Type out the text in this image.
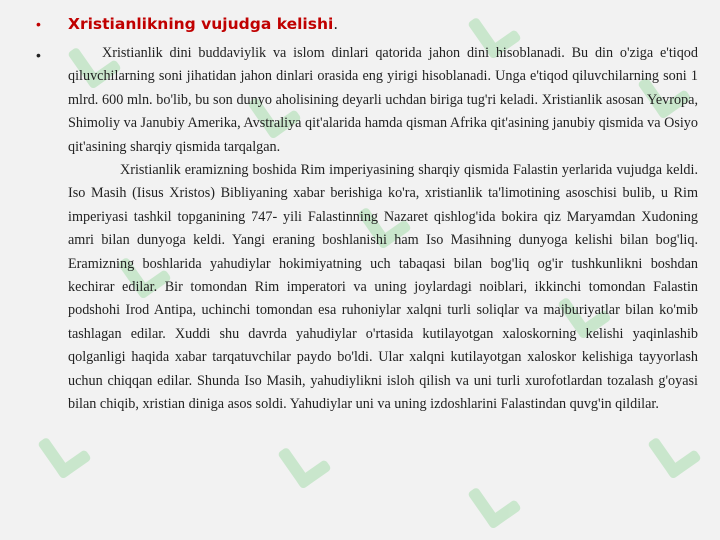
• Xristianlikning vujudga kelishi.
•	Xristianlik dini buddaviylik va islom dinlari qatorida jahon dini hisoblanadi. Bu din o'ziga e'tiqod qiluvchilarning soni jihatidan jahon dinlari orasida eng yirigi hisoblanadi. Unga e'tiqod qiluvchilarning soni 1 mlrd. 600 mln. bo'lib, bu son dunyo aholisining deyarli uchdan biriga tug'ri keladi. Xristianlik asosan Yevropa, Shimoliy va Janubiy Amerika, Avstraliya qit'alarida hamda qisman Afrika qit'asining janubiy qismida va Osiyo qit'asining sharqiy qismida tarqalgan.

Xristianlik eramizning boshida Rim imperiyasining sharqiy qismida Falastin yerlarida vujudga keldi. Iso Masih (Iisus Xristos) Bibliyaning xabar berishiga ko'ra, xristianlik ta'limotining asoschisi bulib, u Rim imperiyasi tashkil topganining 747- yili Falastinning Nazaret qishlog'ida bokira qiz Maryamdan Xudoning amri bilan dunyoga keldi. Yangi eraning boshlanishi ham Iso Masihning dunyoga kelishi bilan bog'liq. Eramizning boshlarida yahudiylar hokimiyatning uch tabaqasi bilan bog'liq og'ir tushkunlikni boshdan kechirar edilar. Bir tomondan Rim imperatori va uning joylardagi noiblari, ikkinchi tomondan Falastin podshohi Irod Antipa, uchinchi tomondan esa ruhoniylar xalqni turli soliqlar va majburiyatlar bilan ko'mib tashlagan edilar. Xuddi shu davrda yahudiylar o'rtasida kutilayotgan xaloskorning kelishi yaqinlashib qolganligi haqida xabar tarqatuvchilar paydo bo'ldi. Ular xalqni kutilayotgan xaloskor kelishiga tayyorlash uchun chiqqan edilar. Shunda Iso Masih, yahudiylikni isloh qilish va uni turli xurofotlardan tozalash g'oyasi bilan chiqib, xristian diniga asos soldi. Yahudiylar uni va uning izdoshlarini Falastindan quvg'in qildilar.
